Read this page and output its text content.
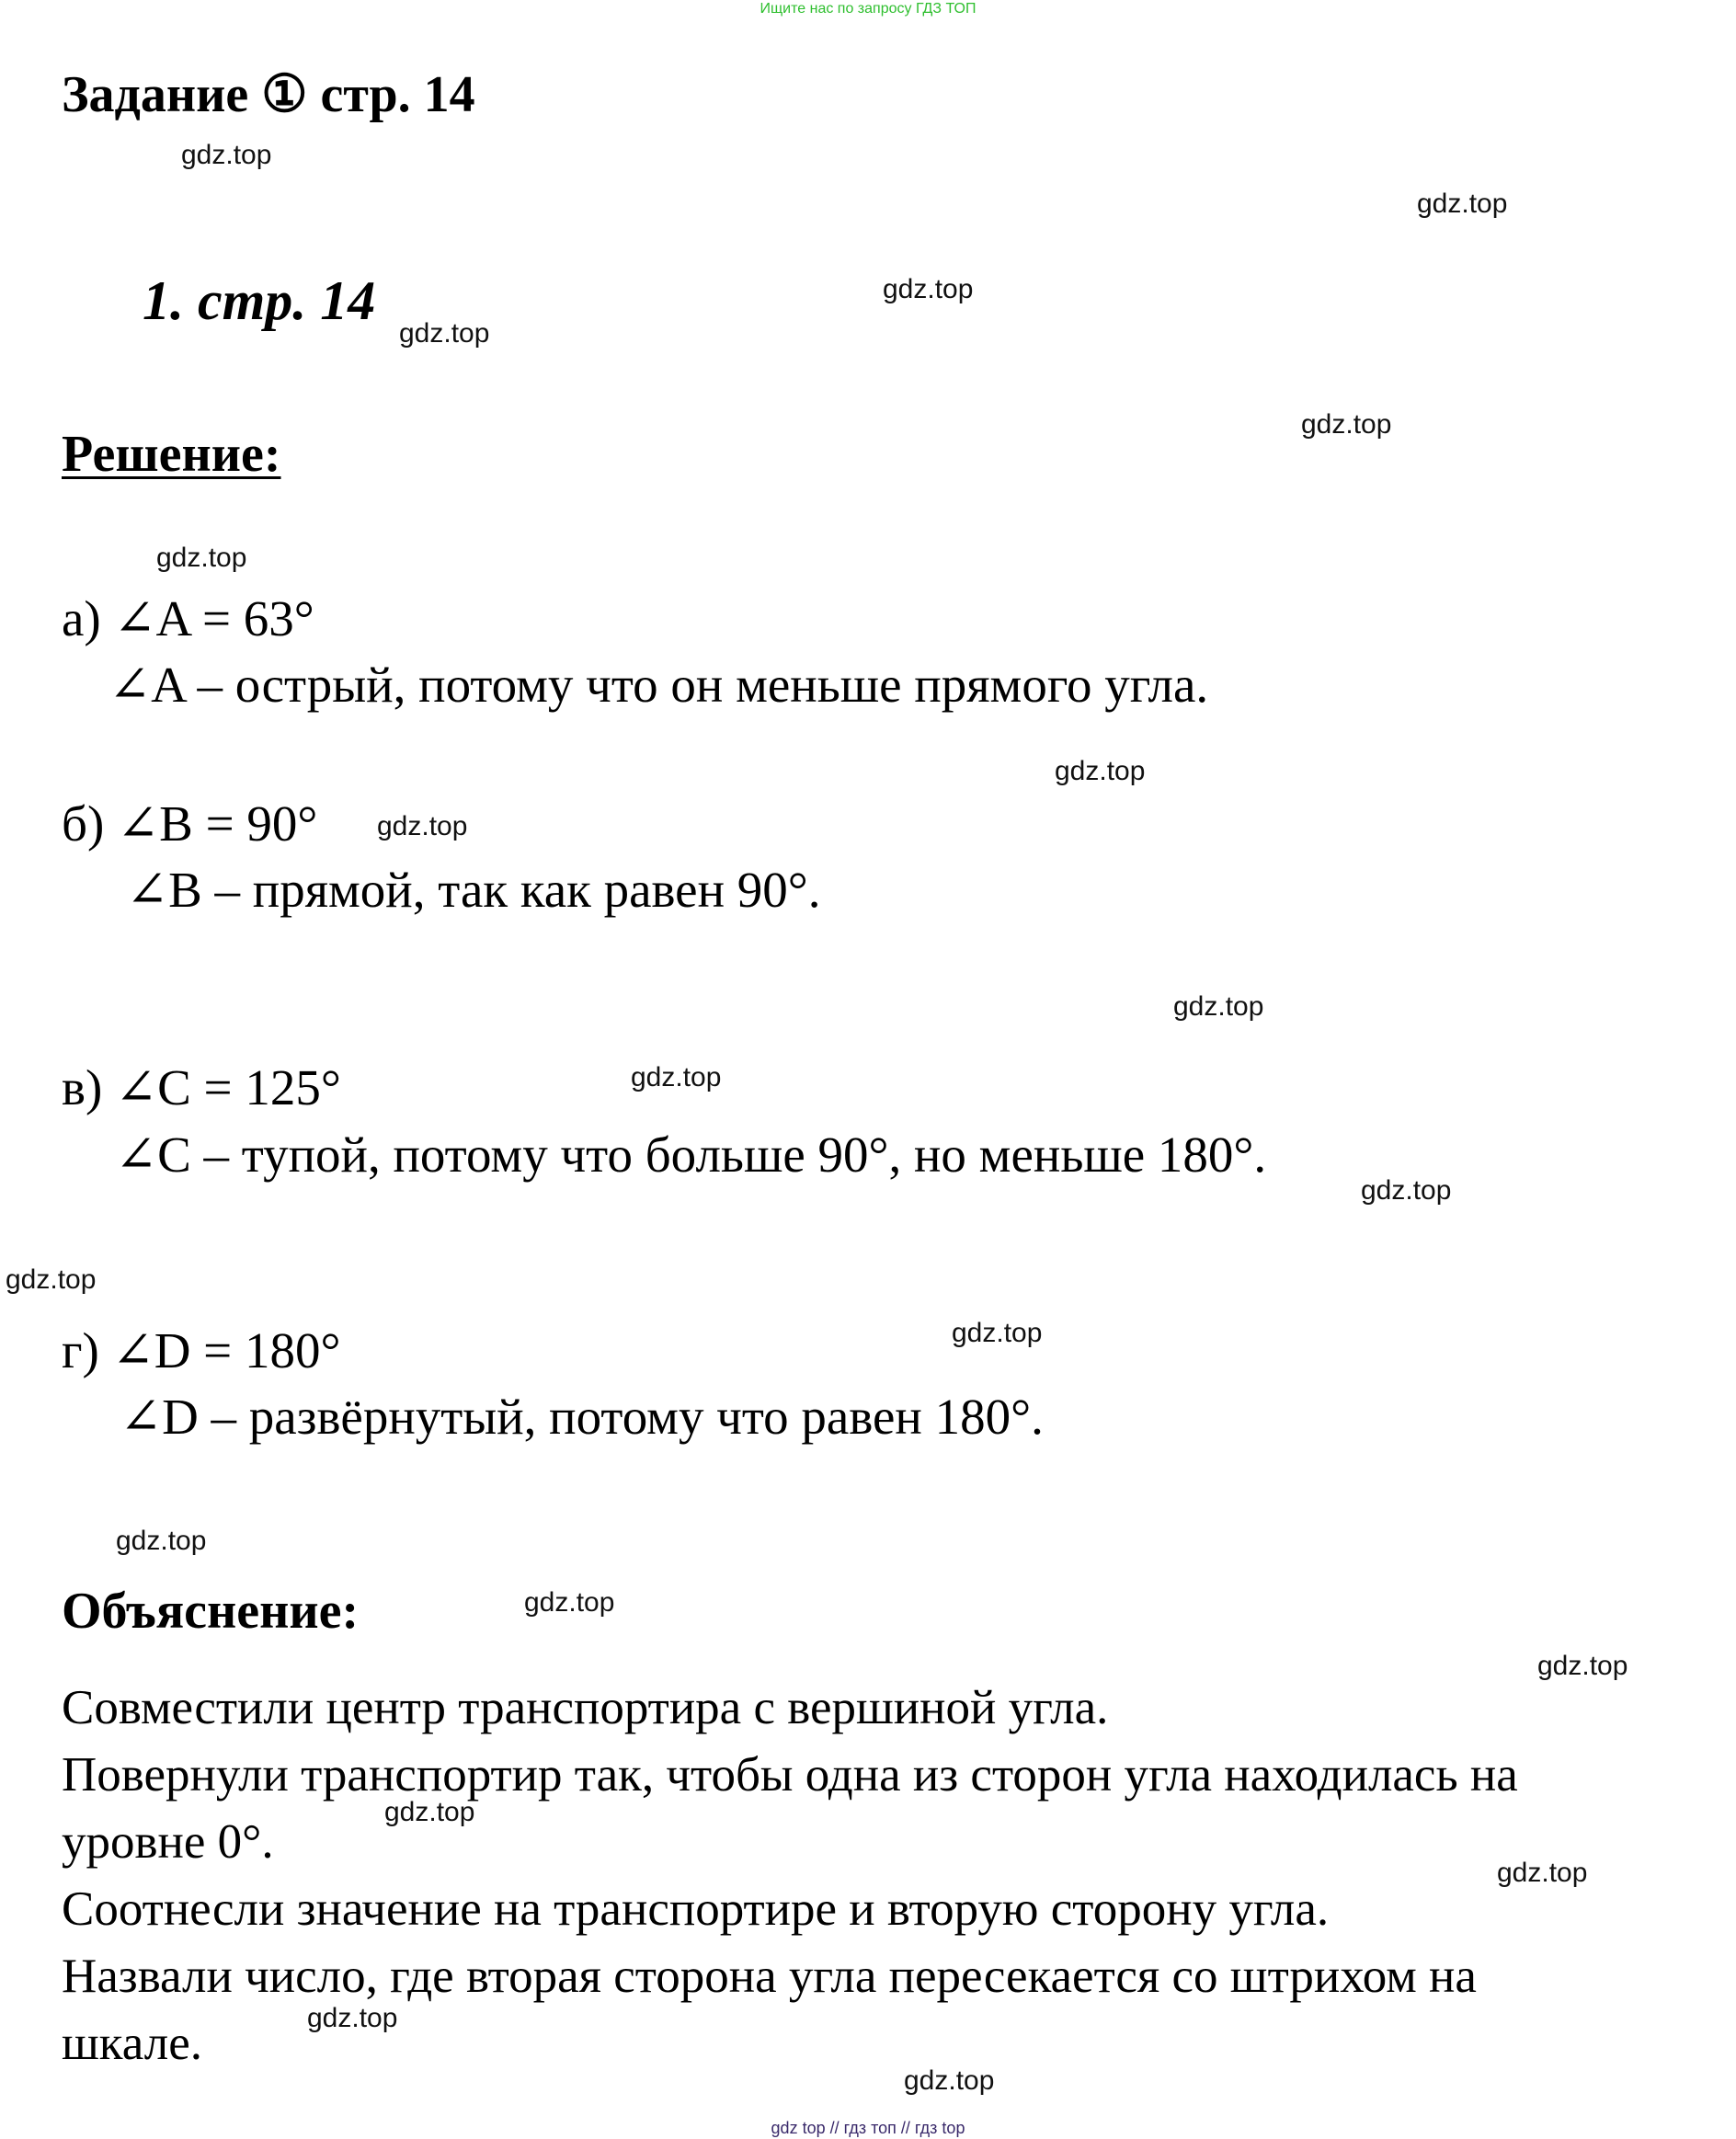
Ищите нас по запросу ГДЗ ТОП
Задание ① стр. 14
1. стр. 14
Решение:
а) ∠A = 63°
∠A – острый, потому что он меньше прямого угла.
б) ∠B = 90°
∠B – прямой, так как равен 90°.
в) ∠C = 125°
∠C – тупой, потому что больше 90°, но меньше 180°.
г) ∠D = 180°
∠D – развёрнутый, потому что равен 180°.
Объяснение:
Совместили центр транспортира с вершиной угла.
Повернули транспортир так, чтобы одна из сторон угла находилась на
уровне 0°.
Соотнесли значение на транспортире и вторую сторону угла.
Назвали число, где вторая сторона угла пересекается со штрихом на
шкале.
gdz.top
gdz.top
gdz.top
gdz.top
gdz.top
gdz.top
gdz.top
gdz.top
gdz.top
gdz.top
gdz.top
gdz.top
gdz.top
gdz.top
gdz.top
gdz.top
gdz.top
gdz.top
gdz.top
gdz.top
gdz top // гдз топ // гдз top
